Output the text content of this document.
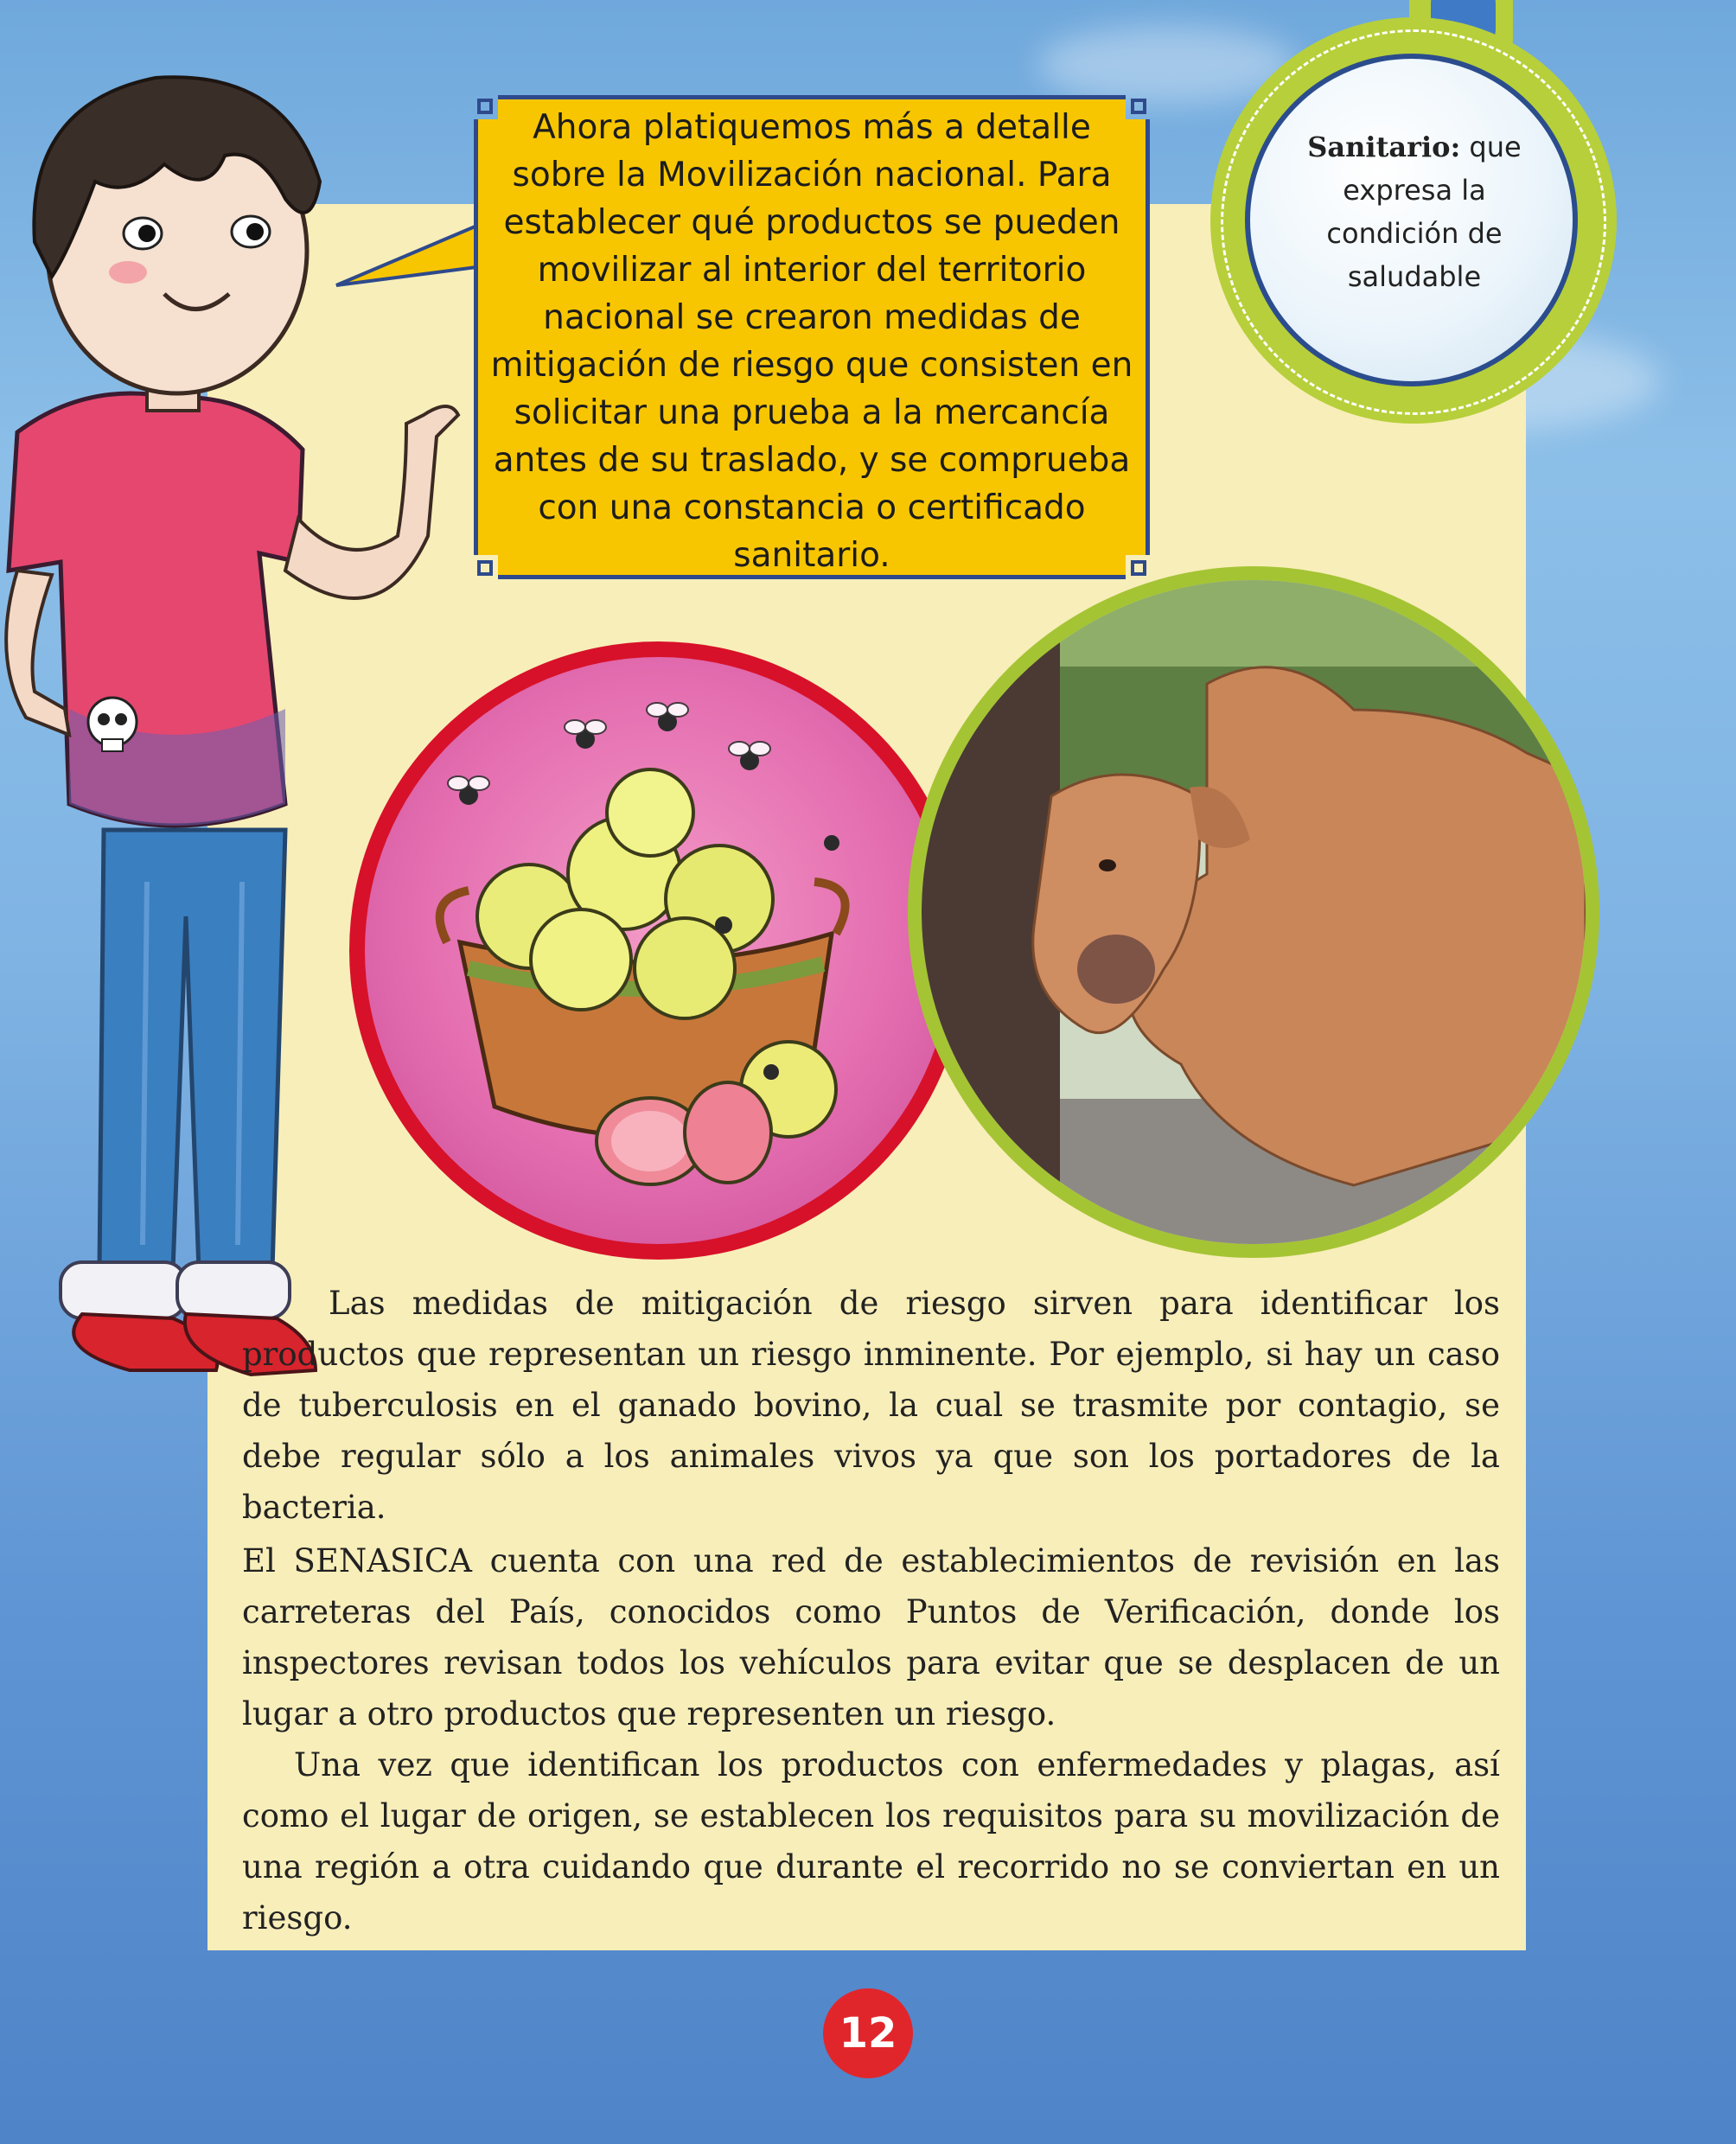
Ahora platiquemos más a detalle sobre la Movilización nacional. Para establecer qué productos se pueden movilizar al interior del territorio nacional se crearon medidas de mitigación de riesgo que consisten en solicitar una prueba a la mercancía antes de su traslado, y se comprueba con una constancia o certificado sanitario.
Sanitario: que expresa la condición de saludable
Las medidas de mitigación de riesgo sirven para identificar los productos que representan un riesgo inminente. Por ejemplo, si hay un caso de tuberculosis en el ganado bovino, la cual se trasmite por contagio, se debe regular sólo a los animales vivos ya que son los portadores de la bacteria.
El SENASICA cuenta con una red de establecimientos de revisión en las carreteras del País, conocidos como Puntos de Verificación, donde los inspectores revisan todos los vehículos para evitar que se desplacen de un lugar a otro productos que representen un riesgo.
Una vez que identifican los productos con enfermedades y plagas, así como el lugar de origen, se establecen los requisitos para su movilización de una región a otra cuidando que durante el recorrido no se conviertan en un riesgo.
12
